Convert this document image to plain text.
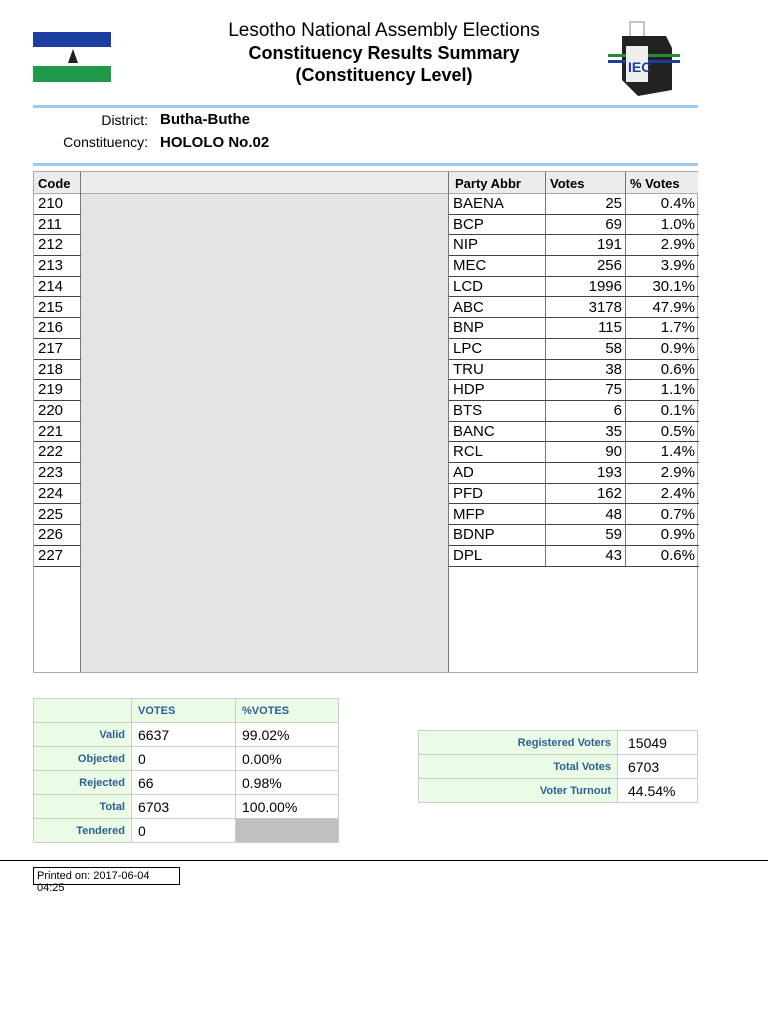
Lesotho National Assembly Elections
Constituency Results Summary
(Constituency Level)	IEC
District: Butha-Buthe
Constituency: HOLOLO No.02
Code	Party Abbr	Votes	% Votes
210	BAENA	25	0.4%
211	BCP	69	1.0%
212	NIP	191	2.9%
213	MEC	256	3.9%
214	LCD	1996	30.1%
215	ABC	3178	47.9%
216	BNP	115	1.7%
217	LPC	58	0.9%
218	TRU	38	0.6%
219	HDP	75	1.1%
220	BTS	6	0.1%
221	BANC	35	0.5%
222	RCL	90	1.4%
223	AD	193	2.9%
224	PFD	162	2.4%
225	MFP	48	0.7%
226	BDNP	59	0.9%
227	DPL	43	0.6%
	VOTES	%VOTES
Valid	6637	99.02%
Objected	0	0.00%
Rejected	66	0.98%
Total	6703	100.00%
Tendered	0	
Registered Voters	15049
Total Votes	6703
Voter Turnout	44.54%
Printed on: 2017-06-04 04:25
